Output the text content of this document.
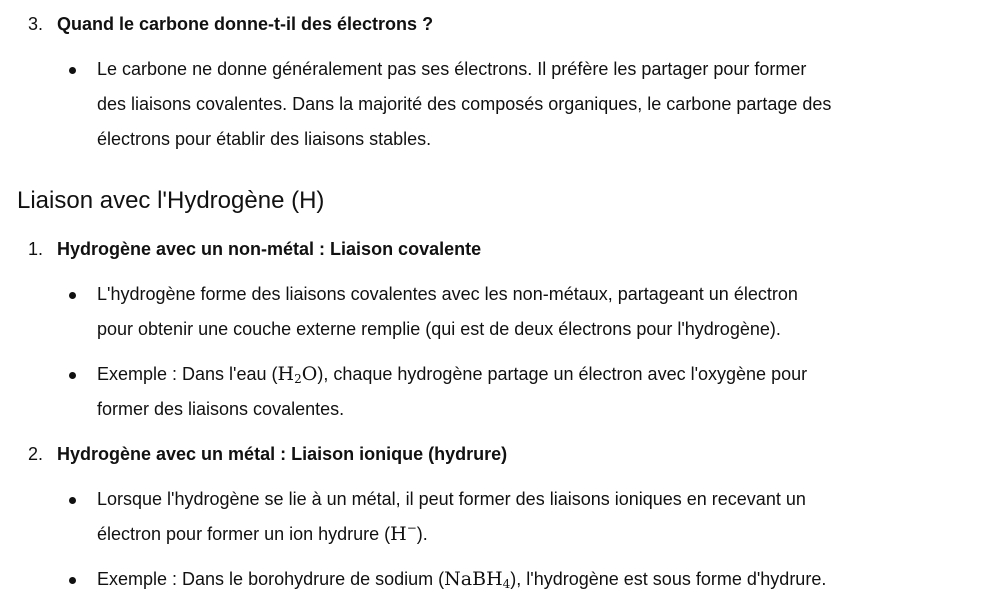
3. Quand le carbone donne-t-il des électrons ?
Le carbone ne donne généralement pas ses électrons. Il préfère les partager pour former
des liaisons covalentes. Dans la majorité des composés organiques, le carbone partage des
électrons pour établir des liaisons stables.
Liaison avec l'Hydrogène (H)
1. Hydrogène avec un non-métal : Liaison covalente
L'hydrogène forme des liaisons covalentes avec les non-métaux, partageant un électron
pour obtenir une couche externe remplie (qui est de deux électrons pour l'hydrogène).
Exemple : Dans l'eau $(H_2O)$, chaque hydrogène partage un électron avec l'oxygène pour
former des liaisons covalentes.
2. Hydrogène avec un métal : Liaison ionique (hydrure)
Lorsque l'hydrogène se lie à un métal, il peut former des liaisons ioniques en recevant un
électron pour former un ion hydrure (H−).
Exemple : Dans le borohydrure de sodium (NaBH$_4$), l'hydrogène est sous forme d'hydrure.
